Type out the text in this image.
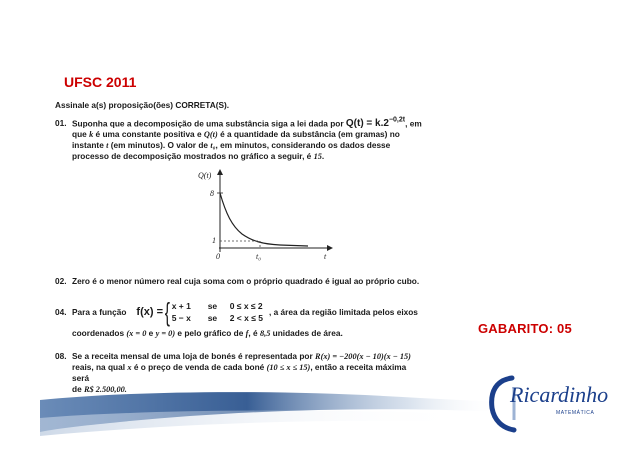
UFSC 2011
Assinale a(s) proposição(ões) CORRETA(S).
01. Suponha que a decomposição de uma substância siga a lei dada por $Q(t) = k.2^{-0,2t}$, em
que k é uma constante positiva e Q(t) é a quantidade da substância (em gramas) no
instante t (em minutos). O valor de t₀, em minutos, considerando os dados desse
processo de decomposição mostrados no gráfico a seguir, é 15.
Q(t)
8
1
0	t₀	t
02. Zero é o menor número real cuja soma com o próprio quadrado é igual ao próprio cubo.
04. Para a função f(x) = { x + 1 se 0 ≤ x ≤ 2
5 − x se 2 < x ≤ 5
, a área da região limitada pelos eixos
coordenados (x = 0 e y = 0) e pelo gráfico de f, é 8,5 unidades de área.
08. Se a receita mensal de uma loja de bonés é representada por R(x) = −200(x − 10)(x − 15)
reais, na qual x é o preço de venda de cada boné (10 ≤ x ≤ 15), então a receita máxima
será
de R$ 2.500,00.
GABARITO: 05
Ricardinho
MATEMÁTICA
